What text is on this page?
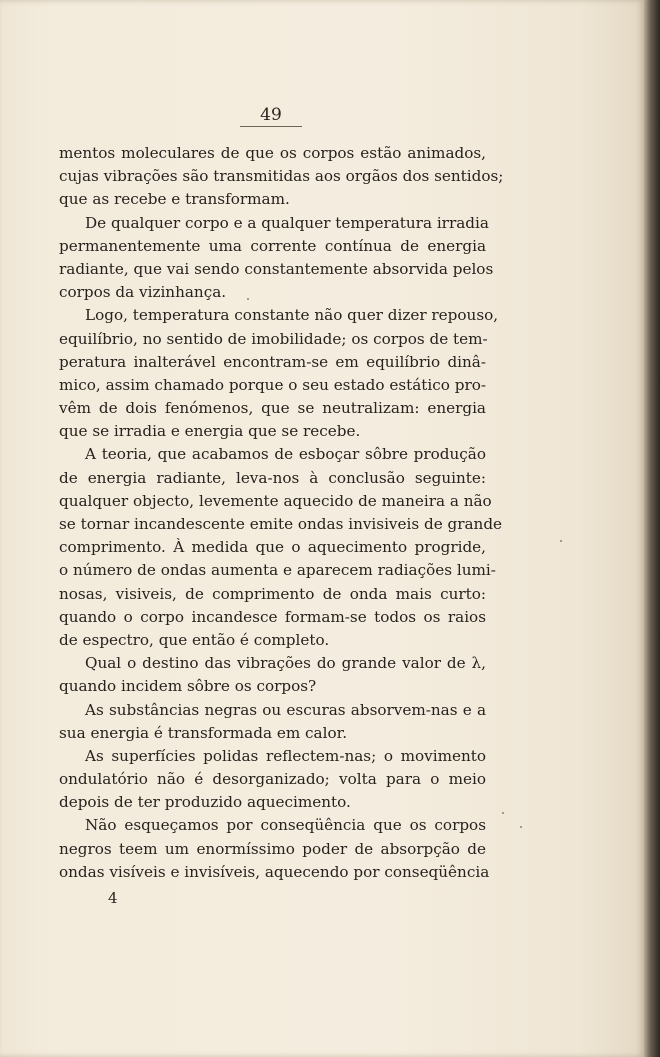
49
mentos moleculares de que os corpos estão animados,
cujas vibrações são transmitidas aos orgãos dos sentidos;
que as recebe e transformam.
De qualquer corpo e a qualquer temperatura irradia
permanentemente uma corrente contínua de energia
radiante, que vai sendo constantemente absorvida pelos
corpos da vizinhança.
Logo, temperatura constante não quer dizer repouso,
equilíbrio, no sentido de imobilidade; os corpos de tem-
peratura inalterável encontram-se em equilíbrio dinâ-
mico, assim chamado porque o seu estado estático pro-
vêm de dois fenómenos, que se neutralizam: energia
que se irradia e energia que se recebe.
A teoria, que acabamos de esboçar sôbre produção
de energia radiante, leva-nos à conclusão seguinte:
qualquer objecto, levemente aquecido de maneira a não
se tornar incandescente emite ondas invisiveis de grande
comprimento. À medida que o aquecimento progride,
o número de ondas aumenta e aparecem radiações lumi-
nosas, visiveis, de comprimento de onda mais curto:
quando o corpo incandesce formam-se todos os raios
de espectro, que então é completo.
Qual o destino das vibrações do grande valor de λ,
quando incidem sôbre os corpos?
As substâncias negras ou escuras absorvem-nas e a
sua energia é transformada em calor.
As superfícies polidas reflectem-nas; o movimento
ondulatório não é desorganizado; volta para o meio
depois de ter produzido aquecimento.
Não esqueçamos por conseqüência que os corpos
negros teem um enormíssimo poder de absorpção de
ondas visíveis e invisíveis, aquecendo por conseqüência
4
